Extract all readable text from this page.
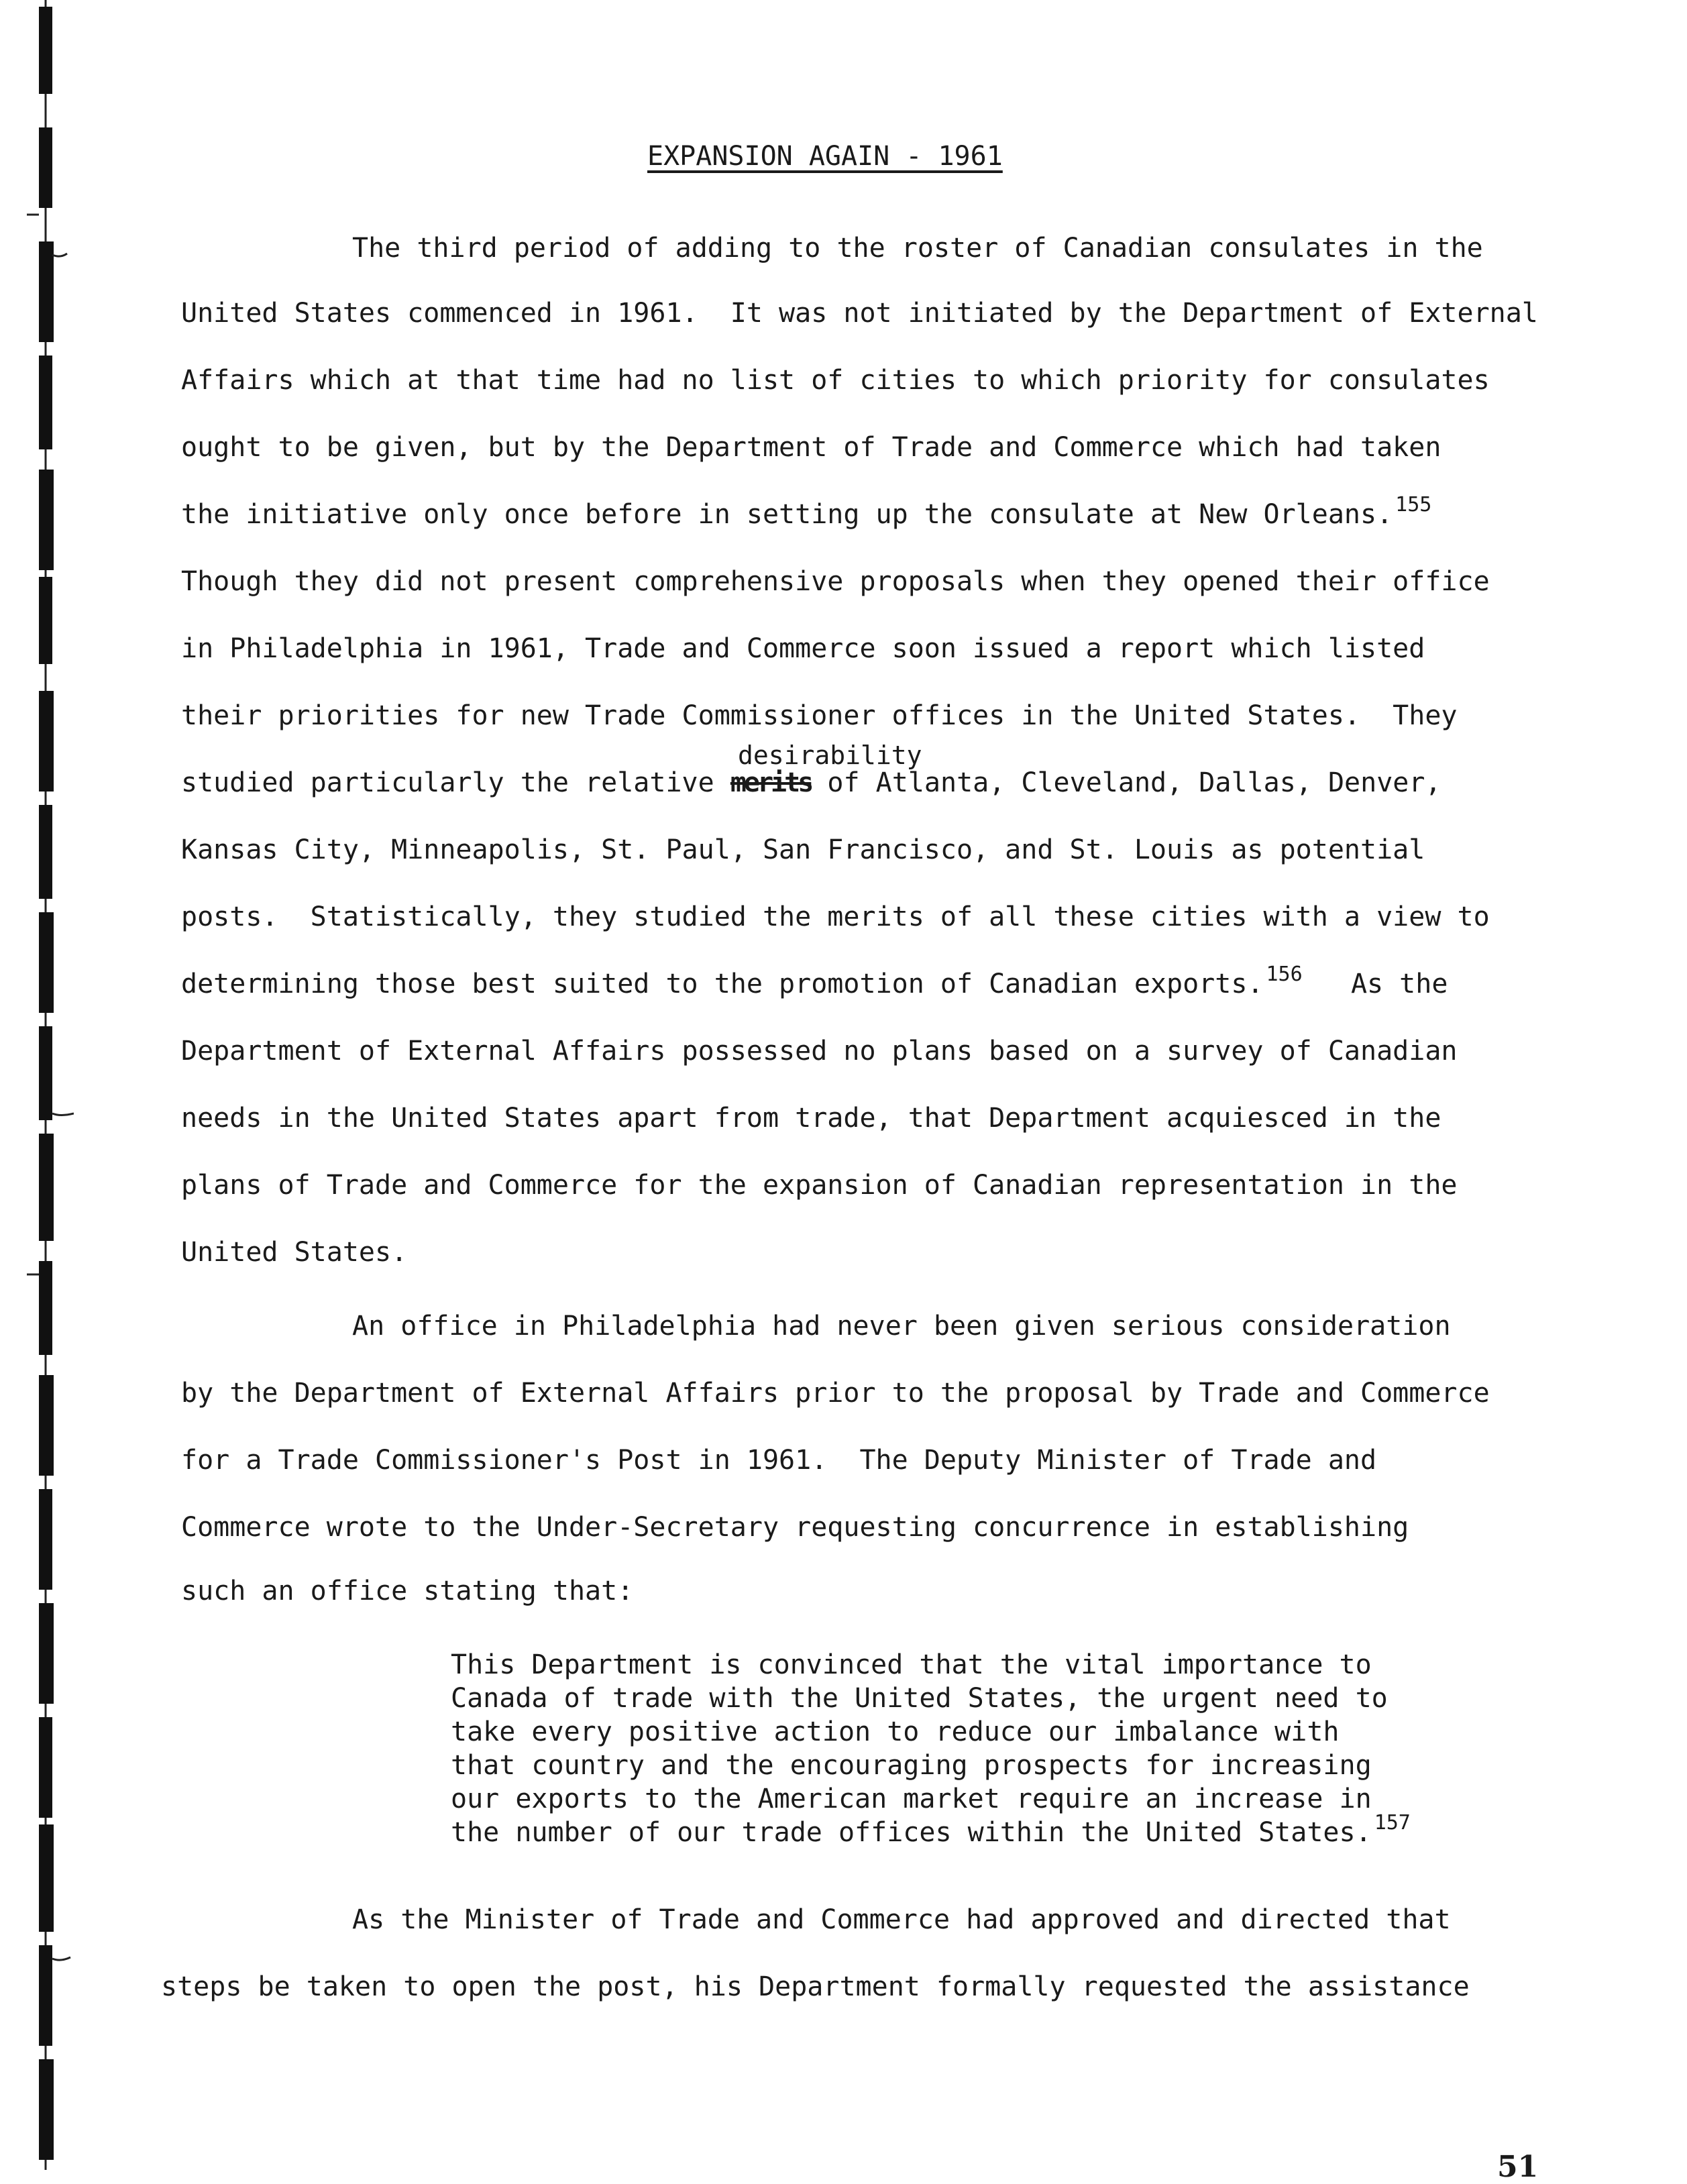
EXPANSION AGAIN - 1961
The third period of adding to the roster of Canadian consulates in the
United States commenced in 1961.  It was not initiated by the Department of External
Affairs which at that time had no list of cities to which priority for consulates
ought to be given, but by the Department of Trade and Commerce which had taken
the initiative only once before in setting up the consulate at New Orleans. $^{155}$
Though they did not present comprehensive proposals when they opened their office
in Philadelphia in 1961, Trade and Commerce soon issued a report which listed
their priorities for new Trade Commissioner offices in the United States.  They
desirability
studied particularly the relative merits of Atlanta, Cleveland, Dallas, Denver,
Kansas City, Minneapolis, St. Paul, San Francisco, and St. Louis as potential
posts.  Statistically, they studied the merits of all these cities with a view to
determining those best suited to the promotion of Canadian exports. $^{156}$ As the
Department of External Affairs possessed no plans based on a survey of Canadian
needs in the United States apart from trade, that Department acquiesced in the
plans of Trade and Commerce for the expansion of Canadian representation in the
United States.
An office in Philadelphia had never been given serious consideration
by the Department of External Affairs prior to the proposal by Trade and Commerce
for a Trade Commissioner's Post in 1961.  The Deputy Minister of Trade and
Commerce wrote to the Under-Secretary requesting concurrence in establishing
such an office stating that:
This Department is convinced that the vital importance to
Canada of trade with the United States, the urgent need to
take every positive action to reduce our imbalance with
that country and the encouraging prospects for increasing
our exports to the American market require an increase in
the number of our trade offices within the United States. $^{157}$
As the Minister of Trade and Commerce had approved and directed that
steps be taken to open the post, his Department formally requested the assistance
51
